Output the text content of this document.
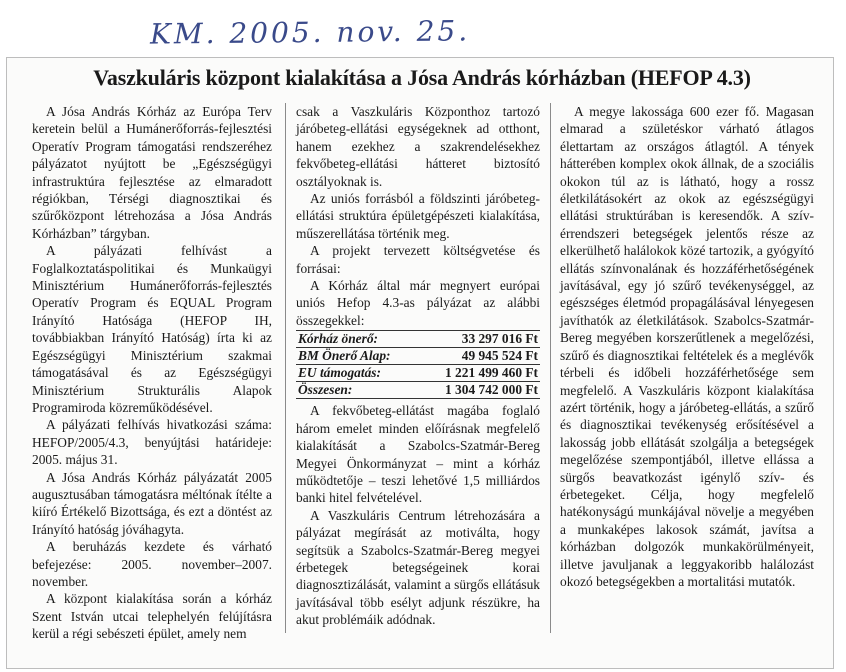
KM. 2005. nov. 25.
Vaszkuláris központ kialakítása a Jósa András kórházban (HEFOP 4.3)

A Jósa András Kórház az Európa Terv keretein belül a Humánerőforrás-fejlesztési Operatív Program támogatási rendszeréhez pályázatot nyújtott be „Egészségügyi infrastruktúra fejlesztése az elmaradott régiókban, Térségi diagnosztikai és szűrőközpont létrehozása a Jósa András Kórházban” tárgyban.

A pályázati felhívást a Foglalkoztatáspolitikai és Munkaügyi Minisztérium Humánerőforrás-fejlesztés Operatív Program és EQUAL Program Irányító Hatósága (HEFOP IH, továbbiakban Irányító Hatóság) írta ki az Egészségügyi Minisztérium szakmai támogatásával és az Egészségügyi Minisztérium Strukturális Alapok Programiroda közreműködésével.

A pályázati felhívás hivatkozási száma: HEFOP/2005/4.3, benyújtási határideje: 2005. május 31.

A Jósa András Kórház pályázatát 2005 augusztusában támogatásra méltónak ítélte a kiíró Értékelő Bizottsága, és ezt a döntést az Irányító hatóság jóváhagyta.

A beruházás kezdete és várható befejezése: 2005. november–2007. november.

A központ kialakítása során a kórház Szent István utcai telephelyén felújításra kerül a régi sebészeti épület, amely nem

csak a Vaszkuláris Központhoz tartozó járóbeteg-ellátási egységeknek ad otthont, hanem ezekhez a szakrendelésekhez fekvőbeteg-ellátási hátteret biztosító osztályoknak is.

Az uniós forrásból a földszinti járóbeteg-ellátási struktúra épületgépészeti kialakítása, műszerellátása történik meg.

A projekt tervezett költségvetése és forrásai:

A Kórház által már megnyert európai uniós Hefop 4.3-as pályázat az alábbi összegekkel:

Kórház önerő:	33 297 016 Ft
BM Önerő Alap:	49 945 524 Ft
EU támogatás:	1 221 499 460 Ft
Összesen:	1 304 742 000 Ft

A fekvőbeteg-ellátást magába foglaló három emelet minden előírásnak megfelelő kialakítását a Szabolcs-Szatmár-Bereg Megyei Önkormányzat – mint a kórház működtetője – teszi lehetővé 1,5 milliárdos banki hitel felvételével.

A Vaszkuláris Centrum létrehozására a pályázat megírását az motiválta, hogy segítsük a Szabolcs-Szatmár-Bereg megyei érbetegek betegségeinek korai diagnosztizálását, valamint a sürgős ellátásuk javításával több esélyt adjunk részükre, ha akut problémáik adódnak.

A megye lakossága 600 ezer fő. Magasan elmarad a születéskor várható átlagos élettartam az országos átlagtól. A tények hátterében komplex okok állnak, de a szociális okokon túl az is látható, hogy a rossz életkilátásokért az okok az egészségügyi ellátási struktúrában is keresendők. A szív-érrendszeri betegségek jelentős része az elkerülhető halálokok közé tartozik, a gyógyító ellátás színvonalának és hozzáférhetőségének javításával, egy jó szűrő tevékenységgel, az egészséges életmód propagálásával lényegesen javíthatók az életkilátások. Szabolcs-Szatmár-Bereg megyében korszerűtlenek a megelőzési, szűrő és diagnosztikai feltételek és a meglévők térbeli és időbeli hozzáférhetősége sem megfelelő. A Vaszkuláris központ kialakítása azért történik, hogy a járóbeteg-ellátás, a szűrő és diagnosztikai tevékenység erősítésével a lakosság jobb ellátását szolgálja a betegségek megelőzése szempontjából, illetve ellássa a sürgős beavatkozást igénylő szív- és érbetegeket. Célja, hogy megfelelő hatékonyságú munkájával növelje a megyében a munkaképes lakosok számát, javítsa a kórházban dolgozók munkakörülményeit, illetve javuljanak a leggyakoribb halálozást okozó betegségekben a mortalitási mutatók.
